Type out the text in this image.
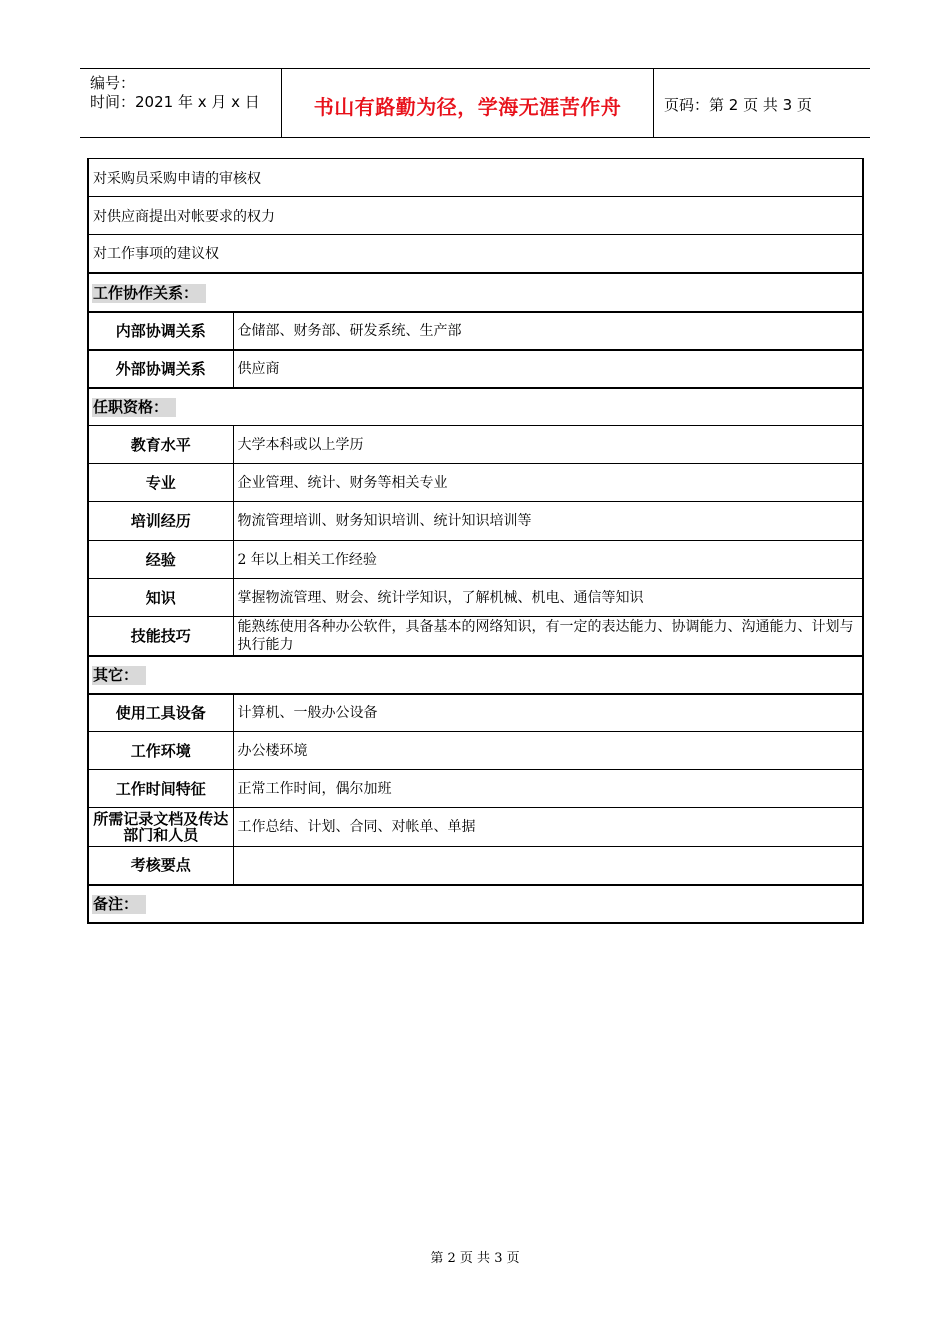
编号：
时间：2021 年 x 月 x 日	书山有路勤为径，学海无涯苦作舟	页码：第 2 页 共 3 页
对采购员采购申请的审核权	
对供应商提出对帐要求的权力	
对工作事项的建议权	
工作协作关系：	
内部协调关系	仓储部、财务部、研发系统、生产部
外部协调关系	供应商
任职资格：	
教育水平	大学本科或以上学历
专业	企业管理、统计、财务等相关专业
培训经历	物流管理培训、财务知识培训、统计知识培训等
经验	2 年以上相关工作经验
知识	掌握物流管理、财会、统计学知识，了解机械、机电、通信等知识
技能技巧	能熟练使用各种办公软件，具备基本的网络知识，有一定的表达能力、协调能力、沟通能力、计划与执行能力
其它：	
使用工具设备	计算机、一般办公设备
工作环境	办公楼环境
工作时间特征	正常工作时间，偶尔加班
所需记录文档及传达部门和人员	工作总结、计划、合同、对帐单、单据
考核要点	
备注：	
第 2 页 共 3 页
